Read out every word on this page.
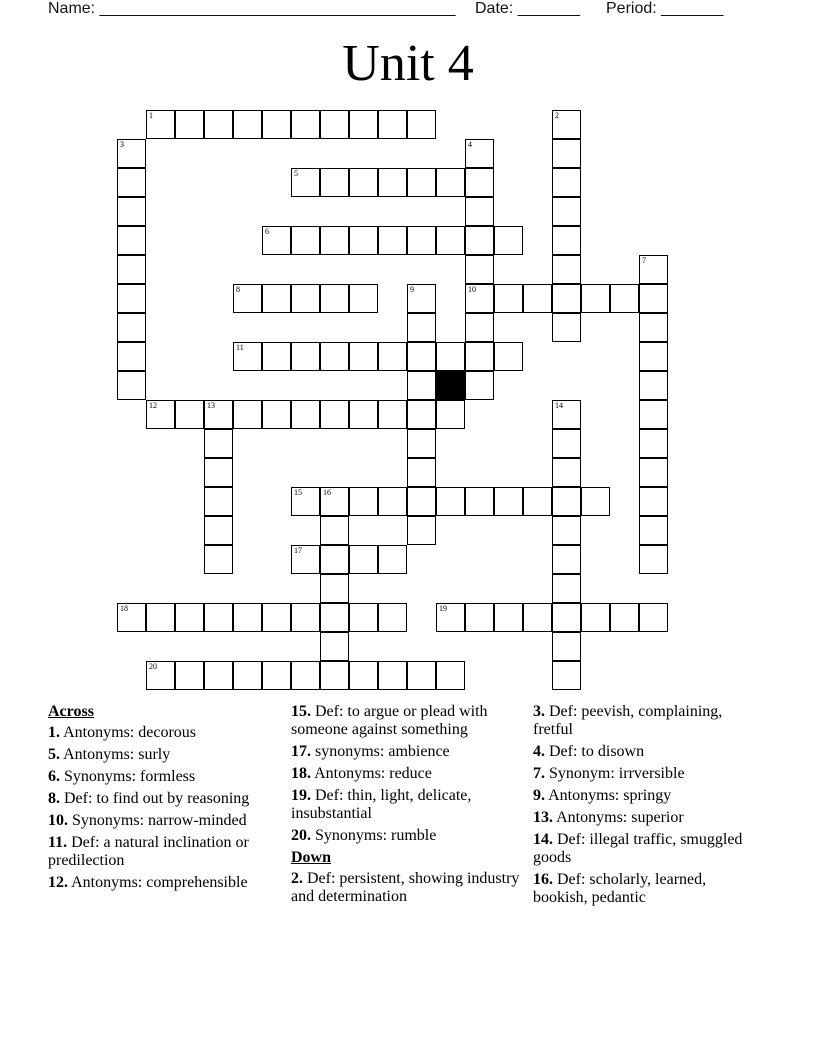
Name: ________________________________________ Date: _______ Period: _______
Unit 4
1	2
3	4
5
6
7
8	9	10
11
12	13	14
15	16
17
18	19
20
Across
1. Antonyms: decorous
5. Antonyms: surly
6. Synonyms: formless
8. Def: to find out by reasoning
10. Synonyms: narrow-minded
11. Def: a natural inclination or predilection
12. Antonyms: comprehensible
15. Def: to argue or plead with someone against something
17. synonyms: ambience
18. Antonyms: reduce
19. Def: thin, light, delicate, insubstantial
20. Synonyms: rumble
Down
2. Def: persistent, showing industry and determination
3. Def: peevish, complaining, fretful
4. Def: to disown
7. Synonym: irrversible
9. Antonyms: springy
13. Antonyms: superior
14. Def: illegal traffic, smuggled goods
16. Def: scholarly, learned, bookish, pedantic
